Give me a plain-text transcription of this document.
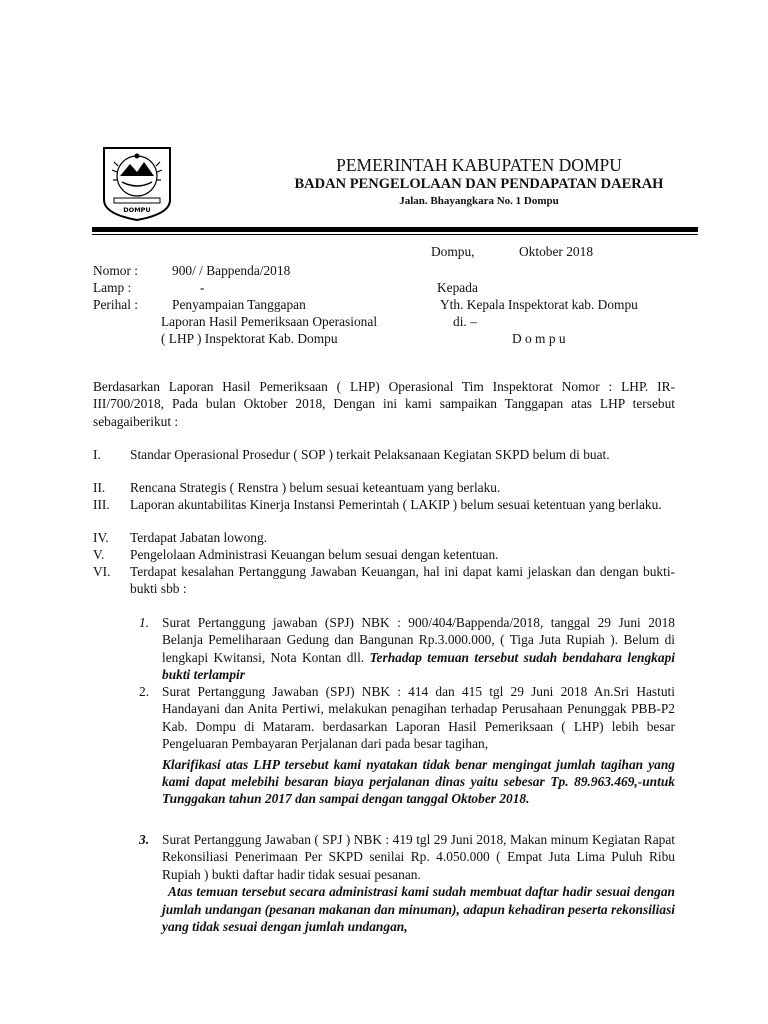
DOMPU
PEMERINTAH KABUPATEN DOMPU
BADAN PENGELOLAAN DAN PENDAPATAN DAERAH
Jalan. Bhayangkara No. 1 Dompu
Dompu,	Oktober 2018
Nomor :	900/ / Bappenda/2018
Lamp :	-
Perihal :	Penyampaian Tanggapan
Laporan Hasil Pemeriksaan Operasional
( LHP ) Inspektorat Kab. Dompu
Kepada
Yth. Kepala Inspektorat kab. Dompu
di. –
D o m p u
Berdasarkan Laporan Hasil Pemeriksaan ( LHP) Operasional Tim Inspektorat Nomor : LHP. IR-III/700/2018, Pada bulan Oktober 2018, Dengan ini kami sampaikan Tanggapan atas LHP tersebut sebagaiberikut :
I. Standar Operasional Prosedur ( SOP ) terkait Pelaksanaan Kegiatan SKPD belum di buat.
II. Rencana Strategis ( Renstra ) belum sesuai keteantuam yang berlaku.
III. Laporan akuntabilitas Kinerja Instansi Pemerintah ( LAKIP ) belum sesuai ketentuan yang berlaku.
IV. Terdapat Jabatan lowong.
V. Pengelolaan Administrasi Keuangan belum sesuai dengan ketentuan.
VI. Terdapat kesalahan Pertanggung Jawaban Keuangan, hal ini dapat kami jelaskan dan dengan bukti- bukti sbb :
1. Surat Pertanggung jawaban (SPJ) NBK : 900/404/Bappenda/2018, tanggal 29 Juni 2018 Belanja Pemeliharaan Gedung dan Bangunan Rp.3.000.000, ( Tiga Juta Rupiah ). Belum di lengkapi Kwitansi, Nota Kontan dll. Terhadap temuan tersebut sudah bendahara lengkapi bukti terlampir
2. Surat Pertanggung Jawaban (SPJ) NBK : 414 dan 415 tgl 29 Juni 2018 An.Sri Hastuti Handayani dan Anita Pertiwi, melakukan penagihan terhadap Perusahaan Penunggak PBB-P2 Kab. Dompu di Mataram. berdasarkan Laporan Hasil Pemeriksaan ( LHP) lebih besar Pengeluaran Pembayaran Perjalanan dari pada besar tagihan,
Klarifikasi atas LHP tersebut kami nyatakan tidak benar mengingat jumlah tagihan yang kami dapat melebihi besaran biaya perjalanan dinas yaitu sebesar Tp. 89.963.469,-untuk Tunggakan tahun 2017 dan sampai dengan tanggal Oktober 2018.
3. Surat Pertanggung Jawaban ( SPJ ) NBK : 419 tgl 29 Juni 2018, Makan minum Kegiatan Rapat Rekonsiliasi Penerimaan Per SKPD senilai Rp. 4.050.000 ( Empat Juta Lima Puluh Ribu Rupiah ) bukti daftar hadir tidak sesuai pesanan.
Atas temuan tersebut secara administrasi kami sudah membuat daftar hadir sesuai dengan jumlah undangan (pesanan makanan dan minuman), adapun kehadiran peserta rekonsiliasi yang tidak sesuai dengan jumlah undangan,
